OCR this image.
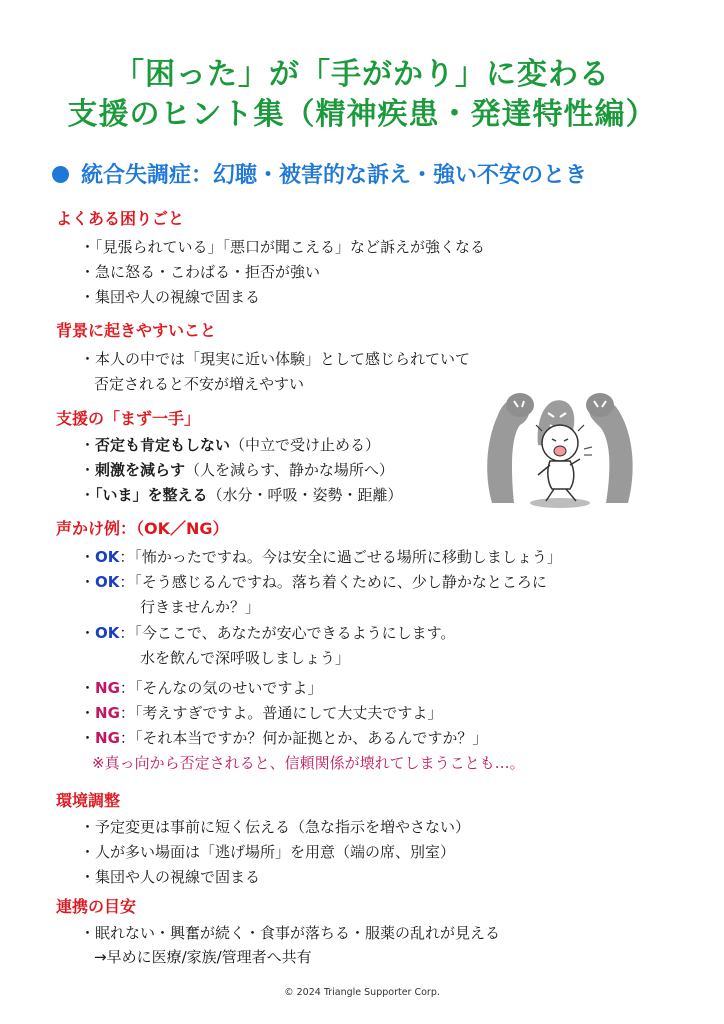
「困った」が「手がかり」に変わる
支援のヒント集（精神疾患・発達特性編）
統合失調症：幻聴・被害的な訴え・強い不安のとき
よくある困りごと
・「見張られている」「悪口が聞こえる」など訴えが強くなる
・急に怒る・こわばる・拒否が強い
・集団や人の視線で固まる
背景に起きやすいこと
・本人の中では「現実に近い体験」として感じられていて
否定されると不安が増えやすい
支援の「まず一手」
・否定も肯定もしない（中立で受け止める）
・刺激を減らす（人を減らす、静かな場所へ）
・「いま」を整える（水分・呼吸・姿勢・距離）
声かけ例：（OK／NG）
・OK：「怖かったですね。今は安全に過ごせる場所に移動しましょう」
・OK：「そう感じるんですね。落ち着くために、少し静かなところに
行きませんか？」
・OK：「今ここで、あなたが安心できるようにします。
水を飲んで深呼吸しましょう」
・NG：「そんなの気のせいですよ」
・NG：「考えすぎですよ。普通にして大丈夫ですよ」
・NG：「それ本当ですか？何か証拠とか、あるんですか？」
※真っ向から否定されると、信頼関係が壊れてしまうことも…。
環境調整
・予定変更は事前に短く伝える（急な指示を増やさない）
・人が多い場面は「逃げ場所」を用意（端の席、別室）
・集団や人の視線で固まる
連携の目安
・眠れない・興奮が続く・食事が落ちる・服薬の乱れが見える
→早めに医療/家族/管理者へ共有
© 2024 Triangle Supporter Corp.
